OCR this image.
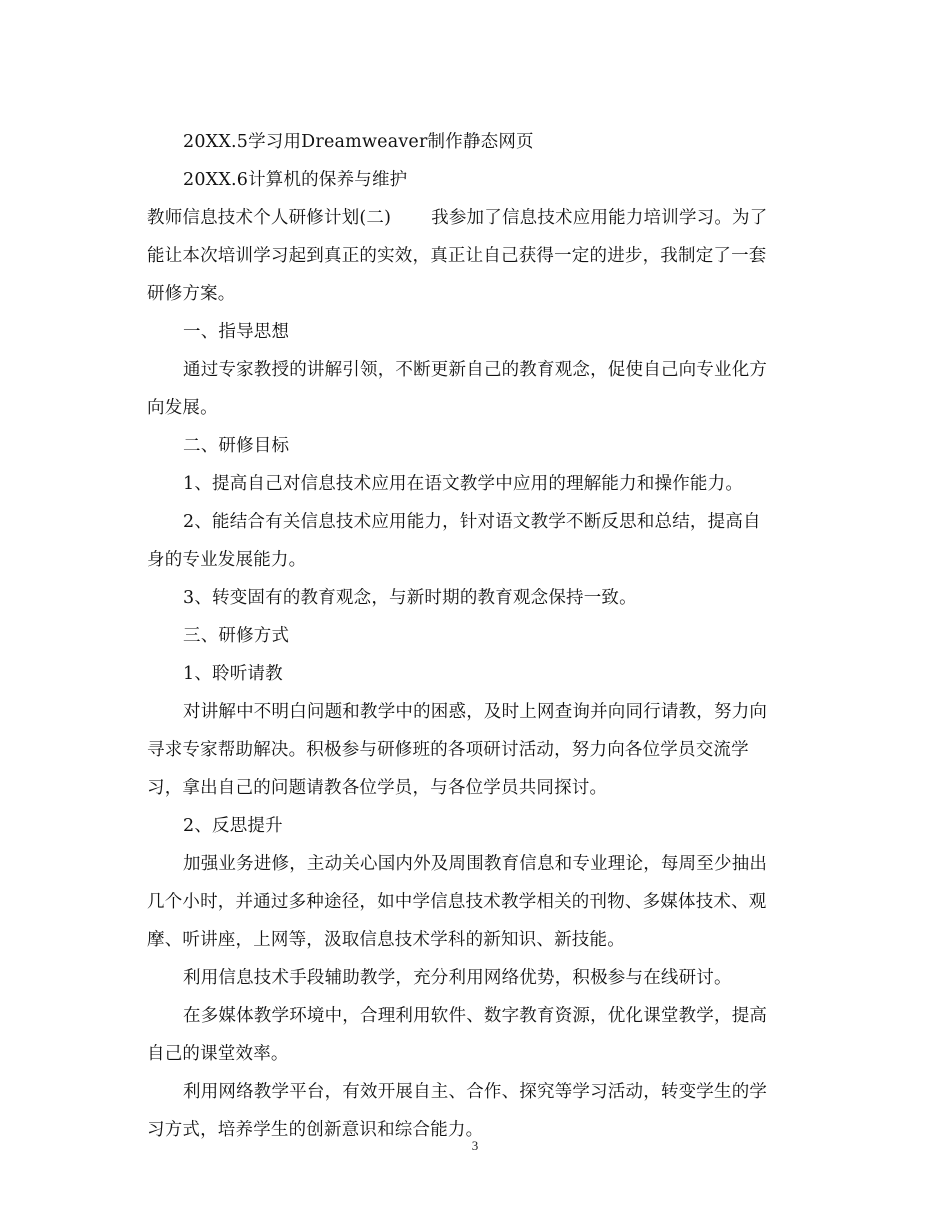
20XX.5学习用Dreamweaver制作静态网页
20XX.6计算机的保养与维护
教师信息技术个人研修计划(二) 我参加了信息技术应用能力培训学习。为了
能让本次培训学习起到真正的实效，真正让自己获得一定的进步，我制定了一套
研修方案。
一、指导思想
通过专家教授的讲解引领，不断更新自己的教育观念，促使自己向专业化方
向发展。
二、研修目标
1、提高自己对信息技术应用在语文教学中应用的理解能力和操作能力。
2、能结合有关信息技术应用能力，针对语文教学不断反思和总结，提高自
身的专业发展能力。
3、转变固有的教育观念，与新时期的教育观念保持一致。
三、研修方式
1、聆听请教
对讲解中不明白问题和教学中的困惑，及时上网查询并向同行请教，努力向
寻求专家帮助解决。积极参与研修班的各项研讨活动，努力向各位学员交流学
习，拿出自己的问题请教各位学员，与各位学员共同探讨。
2、反思提升
加强业务进修，主动关心国内外及周围教育信息和专业理论，每周至少抽出
几个小时，并通过多种途径，如中学信息技术教学相关的刊物、多媒体技术、观
摩、听讲座，上网等，汲取信息技术学科的新知识、新技能。
利用信息技术手段辅助教学，充分利用网络优势，积极参与在线研讨。
在多媒体教学环境中，合理利用软件、数字教育资源，优化课堂教学，提高
自己的课堂效率。
利用网络教学平台，有效开展自主、合作、探究等学习活动，转变学生的学
习方式，培养学生的创新意识和综合能力。
3
